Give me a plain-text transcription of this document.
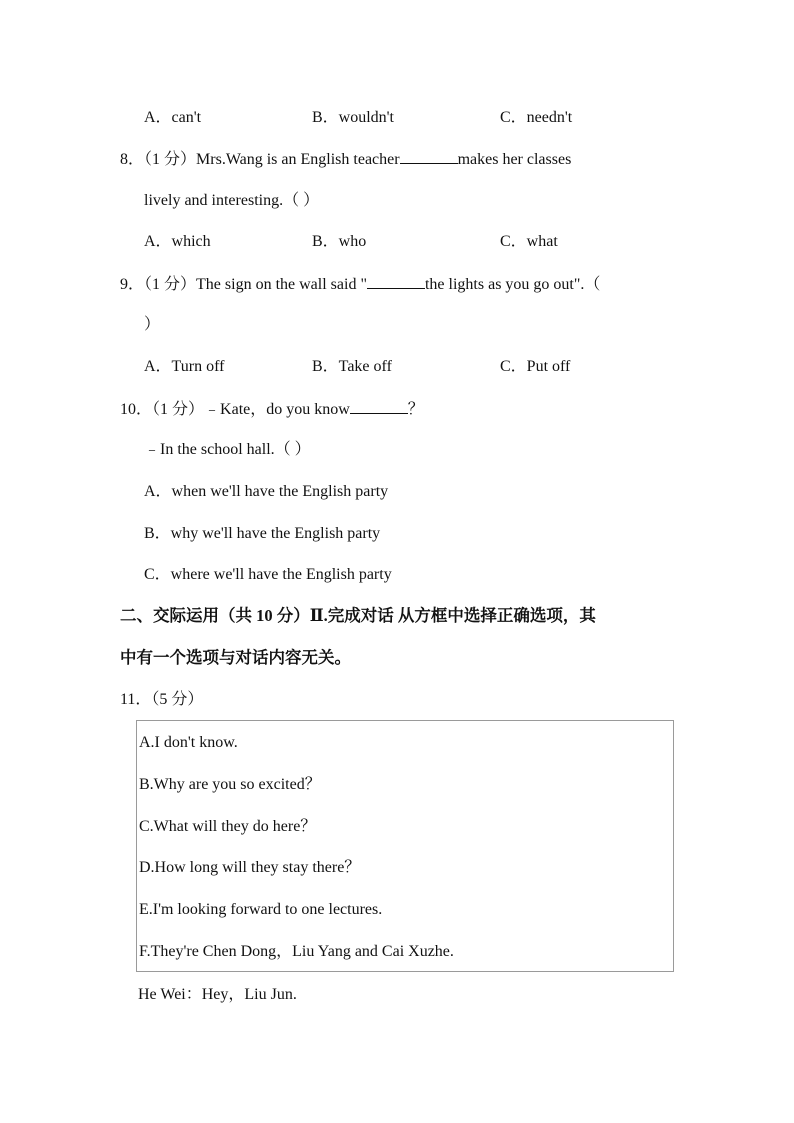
A．can't	B．wouldn't	C．needn't
8．（1 分）Mrs.Wang is an English teacher	makes her classes
lively and interesting.（ ）
A．which	B．who	C．what
9．（1 分）The sign on the wall said "	the lights as you go out".（
）
A．Turn off	B．Take off	C．Put off
10．（1 分）﹣Kate，do you know	？
﹣In the school hall.（ ）
A．when we'll have the English party
B．why we'll have the English party
C．where we'll have the English party
二、交际运用（共 10 分）Ⅱ.完成对话 从方框中选择正确选项，其
中有一个选项与对话内容无关。
11．（5 分）
A.I don't know.
B.Why are you so excited？
C.What will they do here？
D.How long will they stay there？
E.I'm looking forward to one lectures.
F.They're Chen Dong，Liu Yang and Cai Xuzhe.
He Wei：Hey，Liu Jun.
